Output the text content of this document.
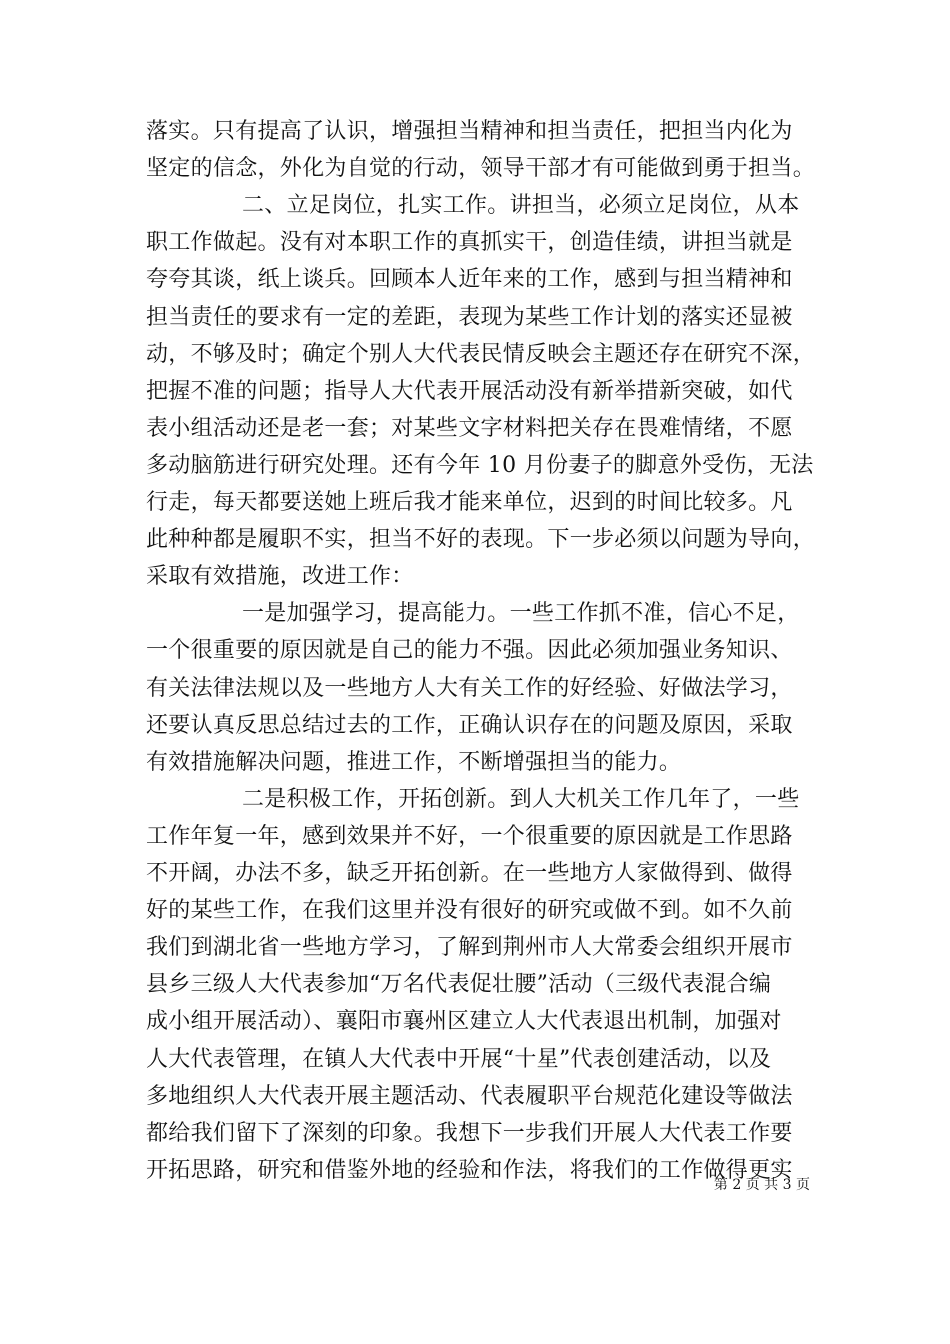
落实。只有提高了认识，增强担当精神和担当责任，把担当内化为
坚定的信念，外化为自觉的行动，领导干部才有可能做到勇于担当。
二、立足岗位，扎实工作。讲担当，必须立足岗位，从本
职工作做起。没有对本职工作的真抓实干，创造佳绩，讲担当就是
夸夸其谈，纸上谈兵。回顾本人近年来的工作，感到与担当精神和
担当责任的要求有一定的差距，表现为某些工作计划的落实还显被
动，不够及时；确定个别人大代表民情反映会主题还存在研究不深，
把握不准的问题；指导人大代表开展活动没有新举措新突破，如代
表小组活动还是老一套；对某些文字材料把关存在畏难情绪，不愿
多动脑筋进行研究处理。还有今年 10 月份妻子的脚意外受伤，无法
行走，每天都要送她上班后我才能来单位，迟到的时间比较多。凡
此种种都是履职不实，担当不好的表现。下一步必须以问题为导向，
采取有效措施，改进工作：
一是加强学习，提高能力。一些工作抓不准，信心不足，
一个很重要的原因就是自己的能力不强。因此必须加强业务知识、
有关法律法规以及一些地方人大有关工作的好经验、好做法学习，
还要认真反思总结过去的工作，正确认识存在的问题及原因，采取
有效措施解决问题，推进工作，不断增强担当的能力。
二是积极工作，开拓创新。到人大机关工作几年了，一些
工作年复一年，感到效果并不好，一个很重要的原因就是工作思路
不开阔，办法不多，缺乏开拓创新。在一些地方人家做得到、做得
好的某些工作，在我们这里并没有很好的研究或做不到。如不久前
我们到湖北省一些地方学习，了解到荆州市人大常委会组织开展市
县乡三级人大代表参加“万名代表促壮腰”活动（三级代表混合编
成小组开展活动）、襄阳市襄州区建立人大代表退出机制，加强对
人大代表管理，在镇人大代表中开展“十星”代表创建活动，以及
多地组织人大代表开展主题活动、代表履职平台规范化建设等做法
都给我们留下了深刻的印象。我想下一步我们开展人大代表工作要
开拓思路，研究和借鉴外地的经验和作法，将我们的工作做得更实
第 2 页 共 3 页
